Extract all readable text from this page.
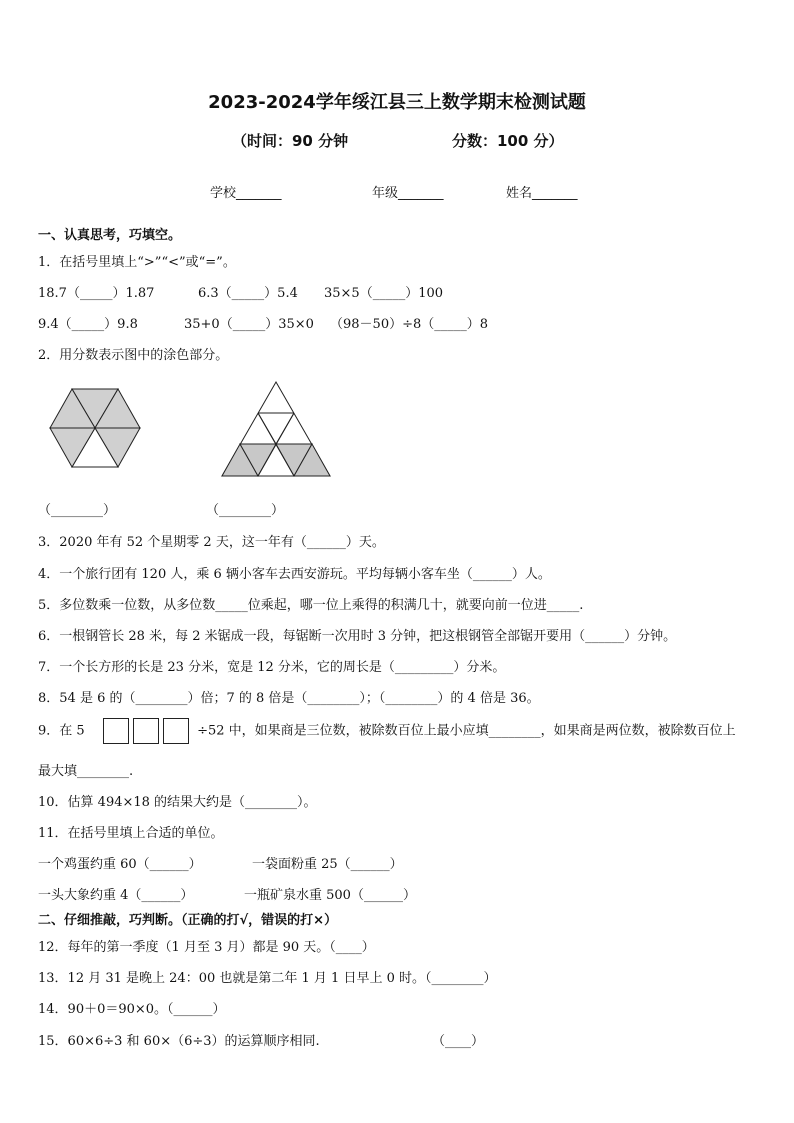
2023-2024学年绥江县三上数学期末检测试题
（时间：90 分钟	分数：100 分）
学校_______	年级_______	姓名_______
一、认真思考，巧填空。
1．在括号里填上“>”“<”或“=”。
18.7（_____）1.87	6.3（_____）5.4 35×5（_____）100
9.4（_____）9.8	35+0（_____）35×0 （98－50）÷8（_____）8
2．用分数表示图中的涂色部分。
（________）	（________）
3．2020 年有 52 个星期零 2 天，这一年有（______）天。
4．一个旅行团有 120 人，乘 6 辆小客车去西安游玩。平均每辆小客车坐（______）人。
5．多位数乘一位数，从多位数_____位乘起，哪一位上乘得的积满几十，就要向前一位进_____.
6．一根钢管长 28 米，每 2 米锯成一段，每锯断一次用时 3 分钟，把这根钢管全部锯开要用（______）分钟。
7．一个长方形的长是 23 分米，宽是 12 分米，它的周长是（_________）分米。
8．54 是 6 的（________）倍；7 的 8 倍是（________）；（________）的 4 倍是 36。
9．在 5	÷52 中，如果商是三位数，被除数百位上最小应填________，如果商是两位数，被除数百位上
最大填________.
10．估算 494×18 的结果大约是（________）。
11．在括号里填上合适的单位。
一个鸡蛋约重 60（______）	一袋面粉重 25（______）
一头大象约重 4（______）	一瓶矿泉水重 500（______）
二、仔细推敲，巧判断。（正确的打√，错误的打×）
12．每年的第一季度（1 月至 3 月）都是 90 天。（____）
13．12 月 31 是晚上 24：00 也就是第二年 1 月 1 日早上 0 时。（________）
14．90＋0＝90×0。（______）
15．60×6÷3 和 60×（6÷3）的运算顺序相同.	（____）
